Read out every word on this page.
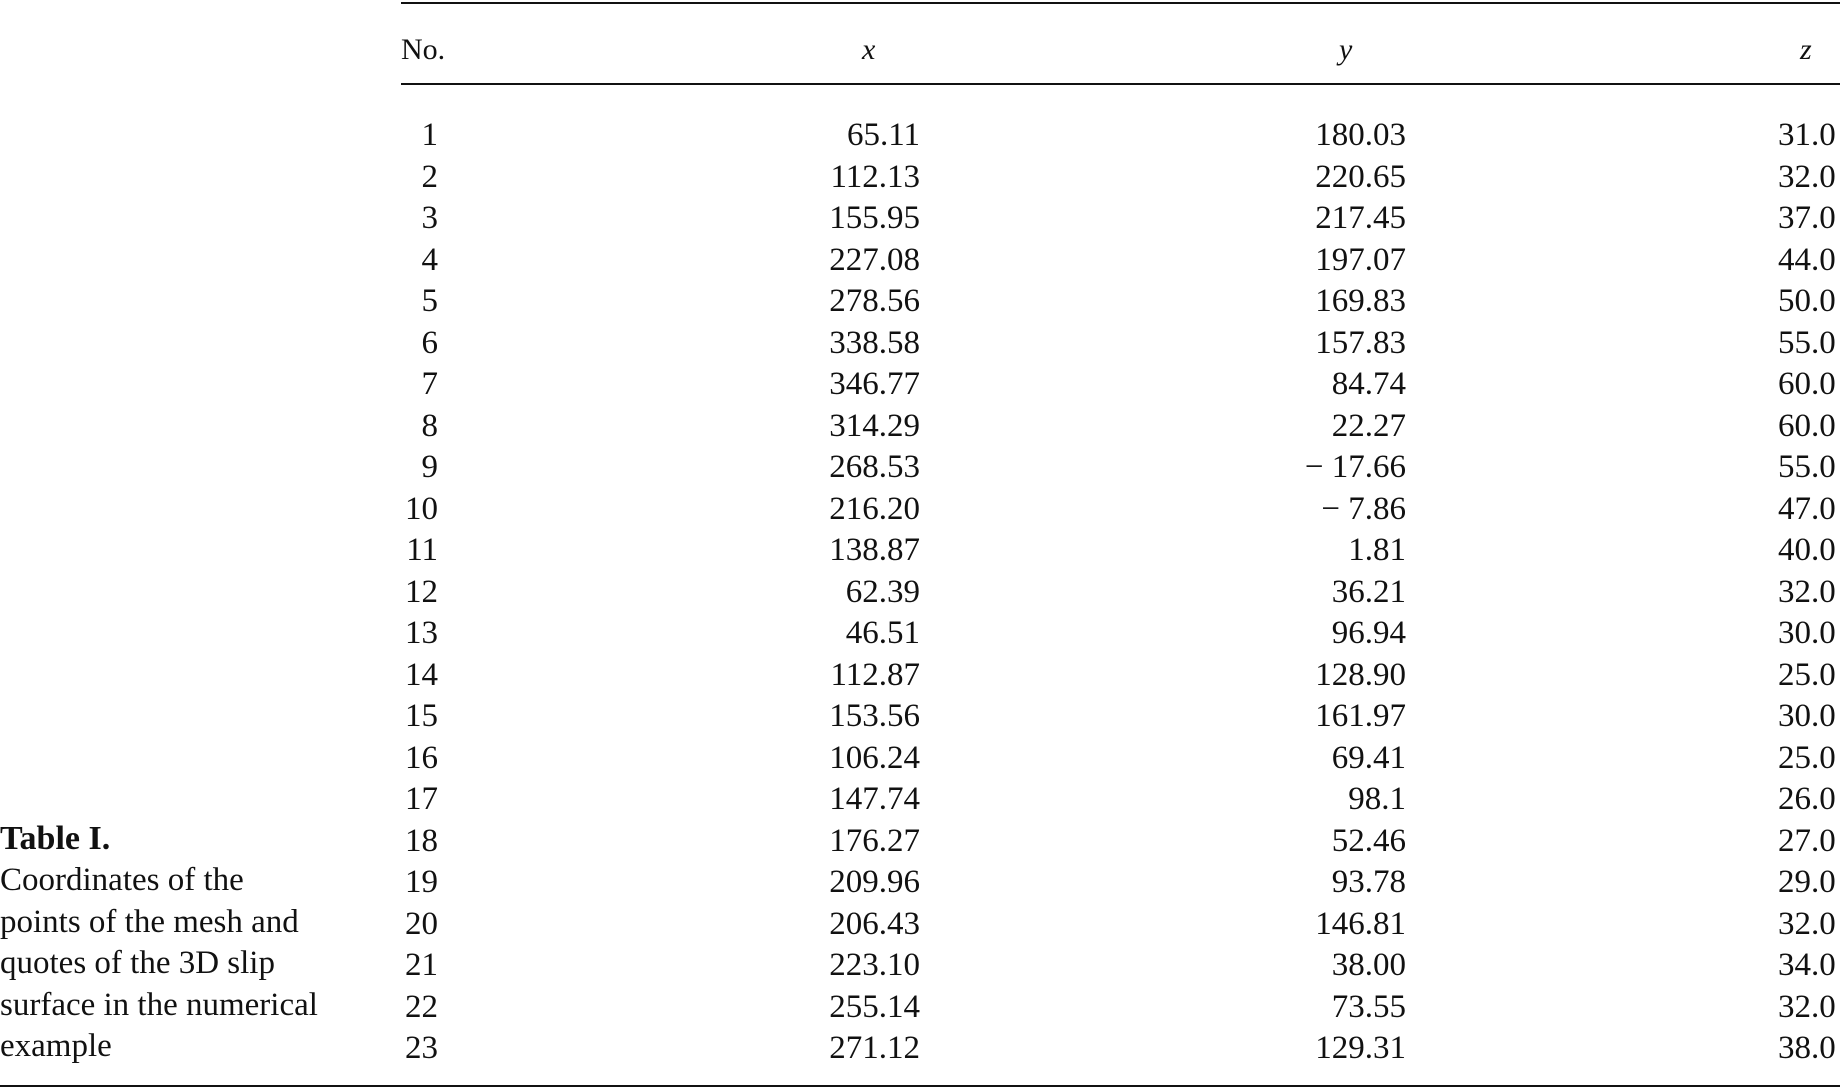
No.	x	y	z
1	65.11	180.03	31.0
2	112.13	220.65	32.0
3	155.95	217.45	37.0
4	227.08	197.07	44.0
5	278.56	169.83	50.0
6	338.58	157.83	55.0
7	346.77	84.74	60.0
8	314.29	22.27	60.0
9	268.53	− 17.66	55.0
10	216.20	− 7.86	47.0
11	138.87	1.81	40.0
12	62.39	36.21	32.0
13	46.51	96.94	30.0
14	112.87	128.90	25.0
15	153.56	161.97	30.0
16	106.24	69.41	25.0
17	147.74	98.1	26.0
18	176.27	52.46	27.0
19	209.96	93.78	29.0
20	206.43	146.81	32.0
21	223.10	38.00	34.0
22	255.14	73.55	32.0
23	271.12	129.31	38.0
Table I.
Coordinates of the
points of the mesh and
quotes of the 3D slip
surface in the numerical
example
